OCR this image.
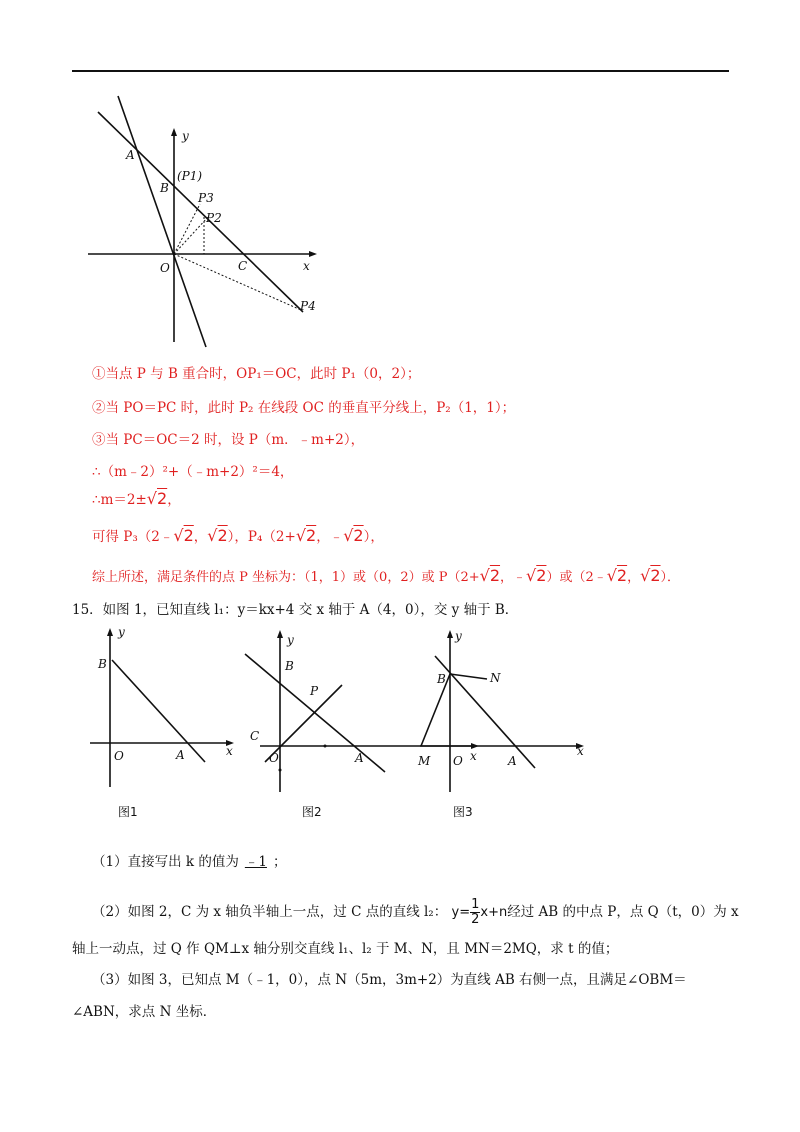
A
B
O	C	x
y
(P1)
P3
P2
P4
①当点 P 与 B 重合时，OP₁＝OC，此时 P₁（0，2）；
②当 PO＝PC 时，此时 P₂ 在线段 OC 的垂直平分线上，P₂（1，1）；
③当 PC＝OC＝2 时，设 P（m．﹣m+2），
∴（m﹣2）²+（﹣m+2）²＝4，
∴m＝2±√2，
可得 P₃（2﹣√2，√2），P₄（2+√2，﹣√2），
综上所述，满足条件的点 P 坐标为：（1，1）或（0，2）或 P（2+√2，﹣√2）或（2﹣√2，√2）．
15．如图 1，已知直线 l₁：y＝kx+4 交 x 轴于 A（4，0），交 y 轴于 B．
y
B
O	A	x
图1
y
B
P
C
O	A	x
图2
y
B	N
M O	A
x
图3
（1）直接写出 k 的值为 ﹣1 ；
（2）如图 2，C 为 x 轴负半轴上一点，过 C 点的直线 l₂： $y= \frac{1}{2} x+n$经过 AB 的中点 P，点 Q（t，0）为 x
轴上一动点，过 Q 作 QM⊥x 轴分别交直线 l₁、l₂ 于 M、N，且 MN＝2MQ，求 t 的值；
（3）如图 3，已知点 M（﹣1，0），点 N（5m，3m+2）为直线 AB 右侧一点，且满足∠OBM＝
∠ABN，求点 N 坐标．
